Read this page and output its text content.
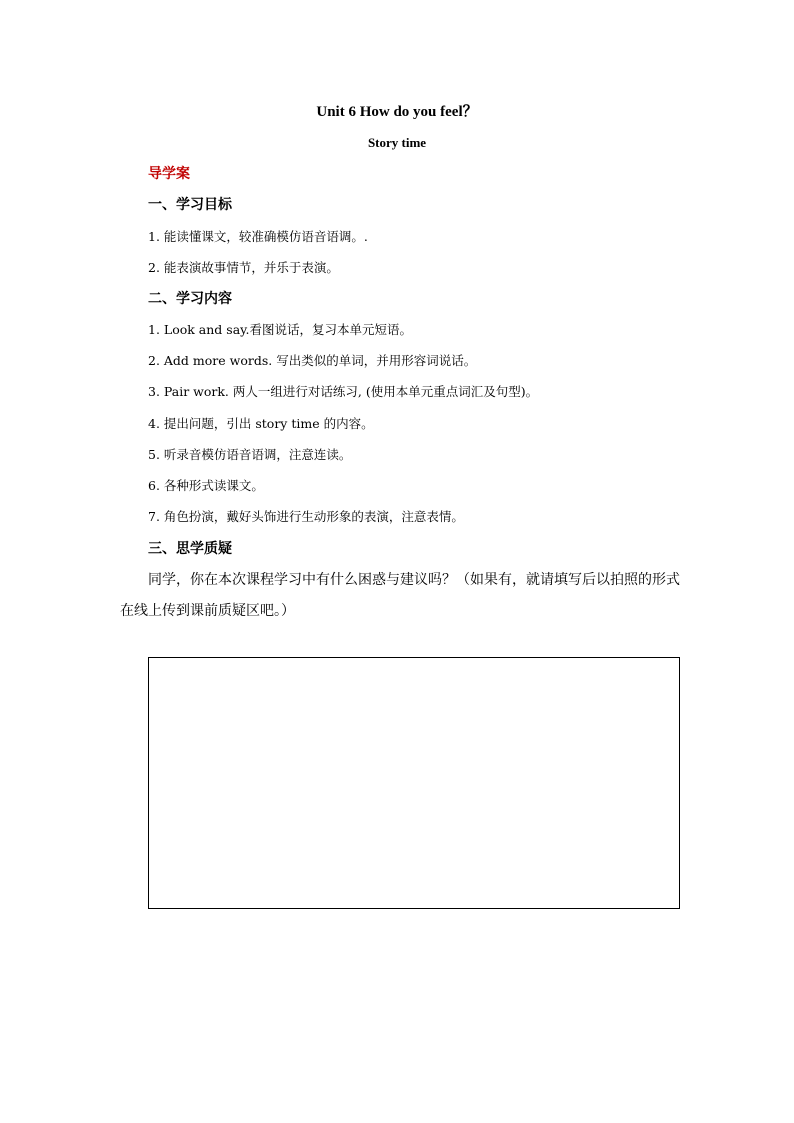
Unit 6 How do you feel？
Story time
导学案
一、学习目标
1. 能读懂课文，较准确模仿语音语调。.
2. 能表演故事情节，并乐于表演。
二、学习内容
1. Look and say.看图说话，复习本单元短语。
2. Add more words. 写出类似的单词，并用形容词说话。
3. Pair work. 两人一组进行对话练习, (使用本单元重点词汇及句型)。
4. 提出问题，引出 story time 的内容。
5. 听录音模仿语音语调，注意连读。
6. 各种形式读课文。
7. 角色扮演，戴好头饰进行生动形象的表演，注意表情。
三、思学质疑
同学，你在本次课程学习中有什么困惑与建议吗？（如果有，就请填写后以拍照的形式
在线上传到课前质疑区吧。）
